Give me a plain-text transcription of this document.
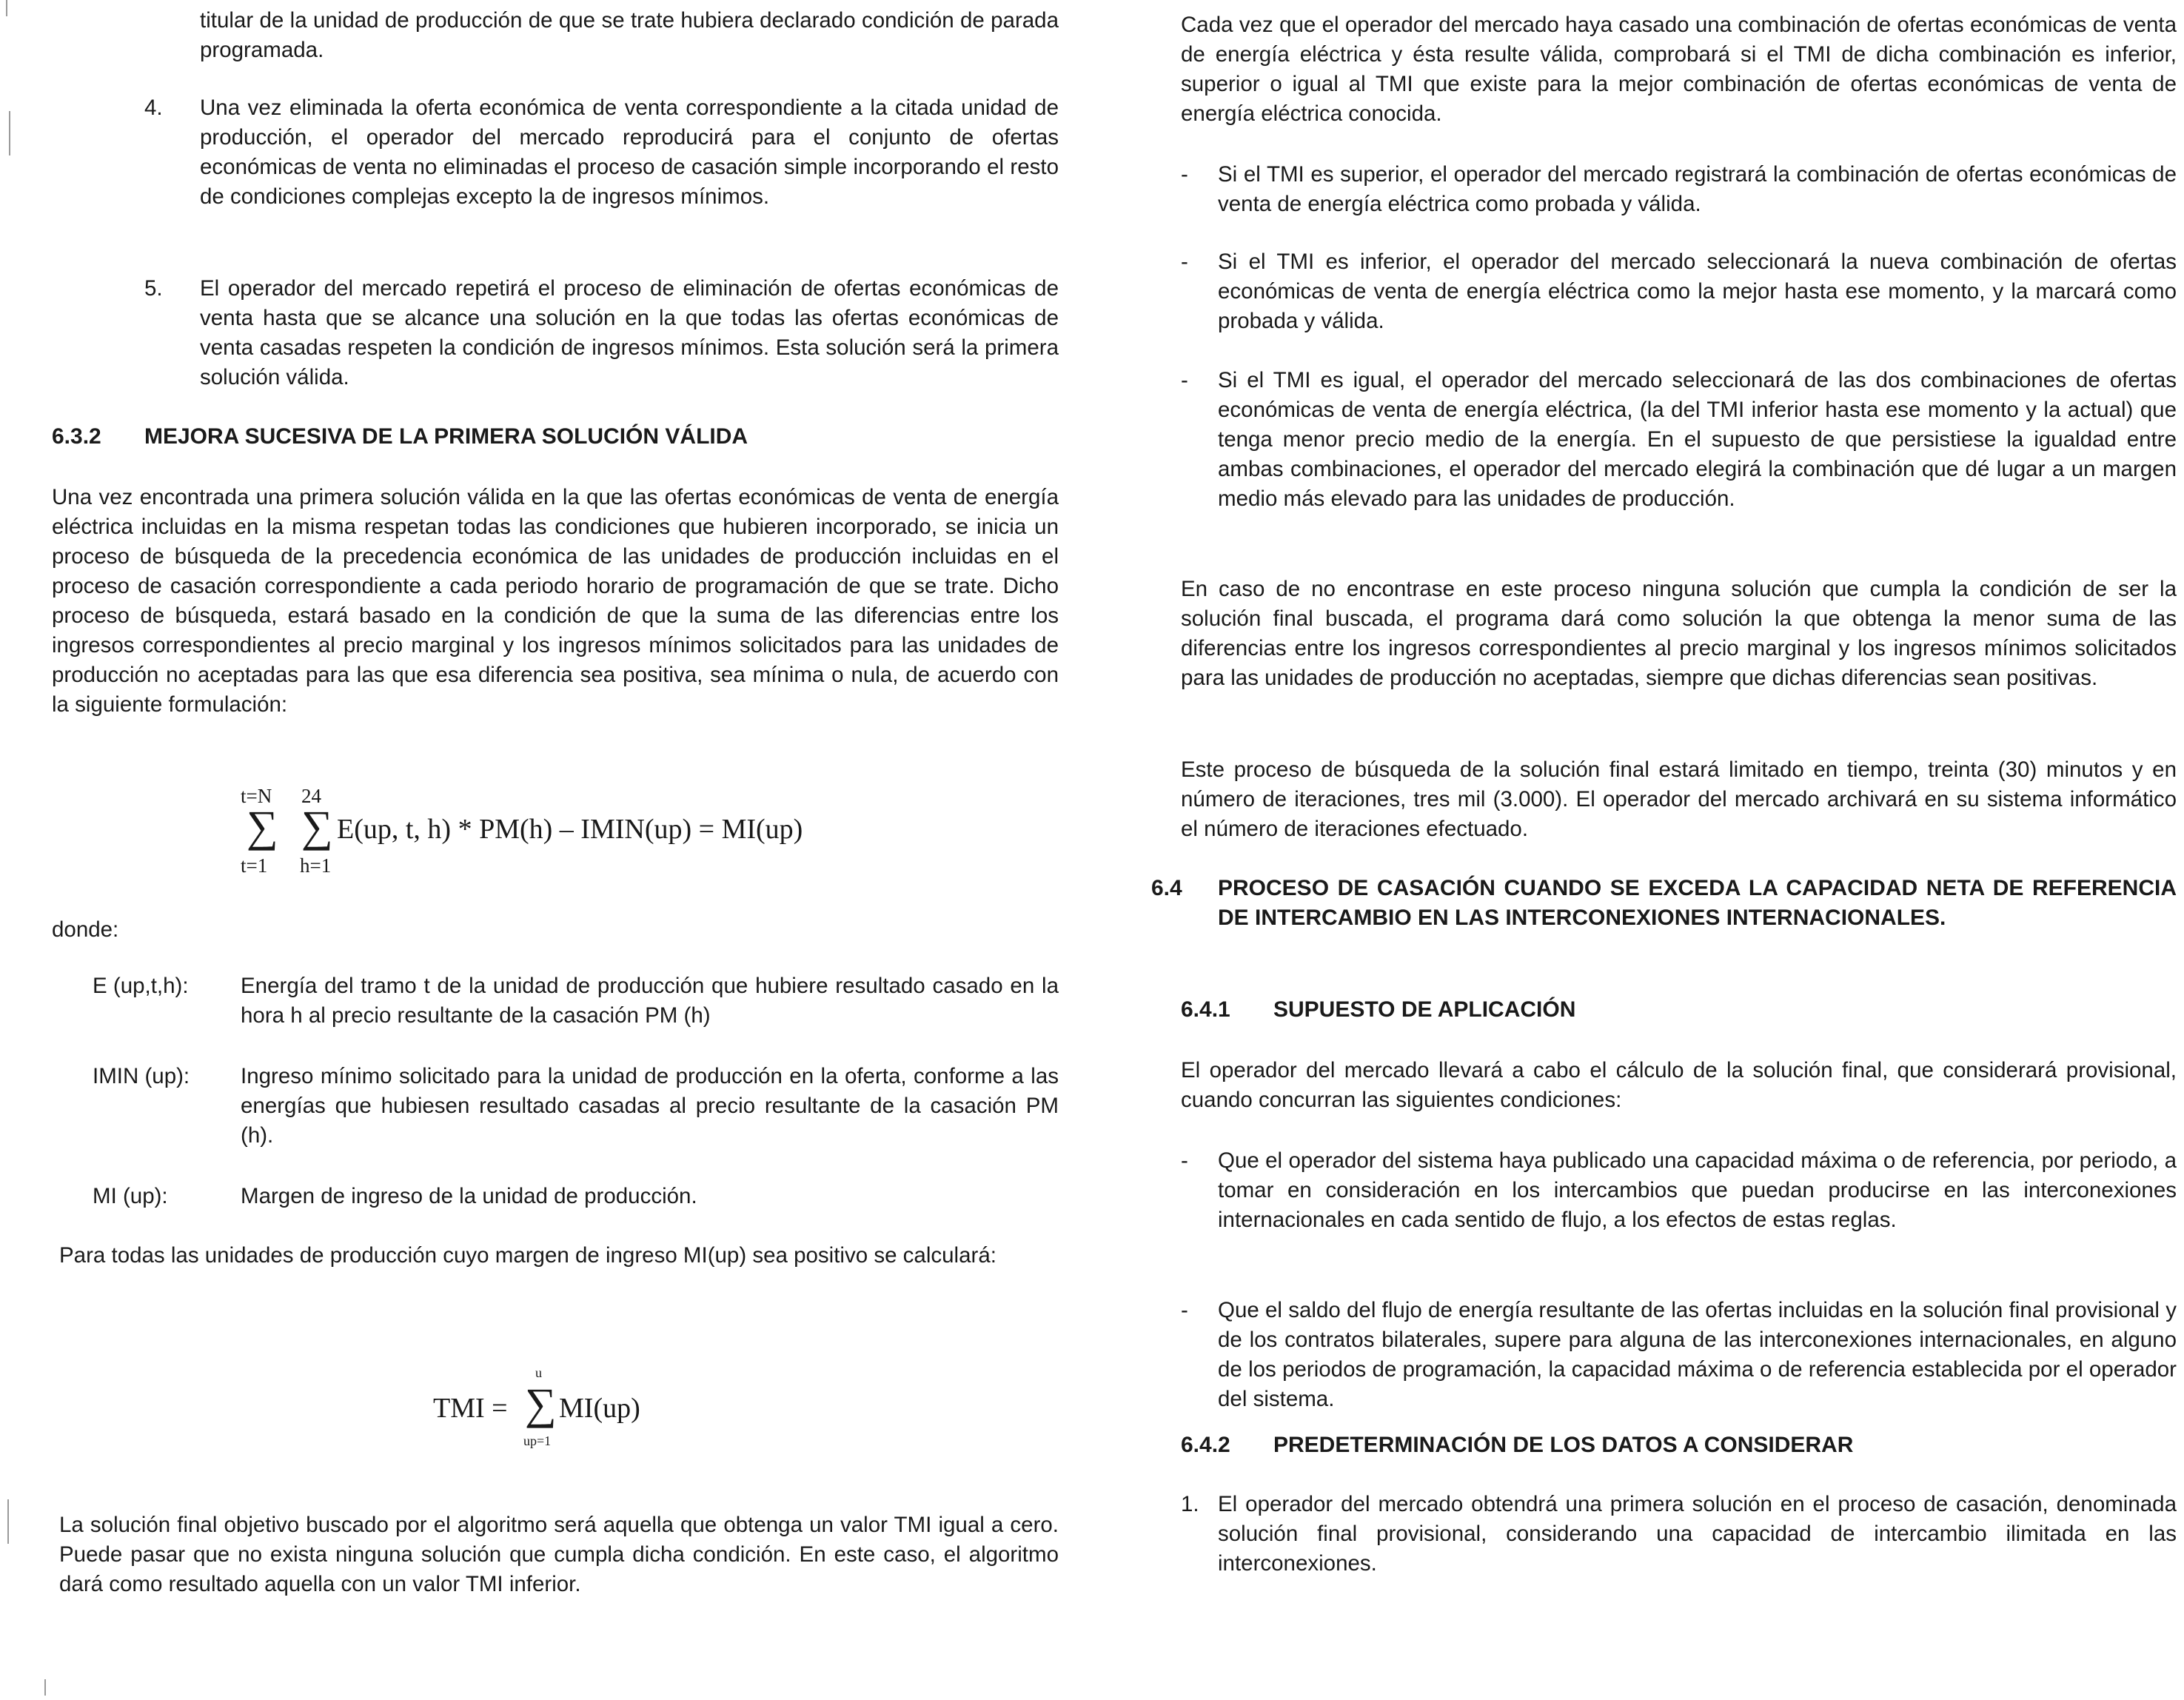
titular de la unidad de producción de que se trate hubiera declarado condición de parada programada.

4.	Una vez eliminada la oferta económica de venta correspondiente a la citada unidad de producción, el operador del mercado reproducirá para el conjunto de ofertas económicas de venta no eliminadas el proceso de casación simple incorporando el resto de condiciones complejas excepto la de ingresos mínimos.

5.	El operador del mercado repetirá el proceso de eliminación de ofertas económicas de venta hasta que se alcance una solución en la que todas las ofertas económicas de venta casadas respeten la condición de ingresos mínimos. Esta solución será la primera solución válida.

6.3.2 MEJORA SUCESIVA DE LA PRIMERA SOLUCIÓN VÁLIDA

Una vez encontrada una primera solución válida en la que las ofertas económicas de venta de energía eléctrica incluidas en la misma respetan todas las condiciones que hubieren incorporado, se inicia un proceso de búsqueda de la precedencia económica de las unidades de producción incluidas en el proceso de casación correspondiente a cada periodo horario de programación de que se trate. Dicho proceso de búsqueda, estará basado en la condición de que la suma de las diferencias entre los ingresos correspondientes al precio marginal y los ingresos mínimos solicitados para las unidades de producción no aceptadas para las que esa diferencia sea positiva, sea mínima o nula, de acuerdo con la siguiente formulación:

t=N
∑
t=1
24
∑
h=1
E(up, t, h) * PM(h) – IMIN(up) = MI(up)

donde:

E (up,t,h): Energía del tramo t de la unidad de producción que hubiere resultado casado en la hora h al precio resultante de la casación PM (h)

IMIN (up): Ingreso mínimo solicitado para la unidad de producción en la oferta, conforme a las energías que hubiesen resultado casadas al precio resultante de la casación PM (h).

MI (up):	Margen de ingreso de la unidad de producción.

Para todas las unidades de producción cuyo margen de ingreso MI(up) sea positivo se calculará:

TMI =
u
∑
up=1
MI(up)

La solución final objetivo buscado por el algoritmo será aquella que obtenga un valor TMI igual a cero. Puede pasar que no exista ninguna solución que cumpla dicha condición. En este caso, el algoritmo dará como resultado aquella con un valor TMI inferior.

Cada vez que el operador del mercado haya casado una combinación de ofertas económicas de venta de energía eléctrica y ésta resulte válida, comprobará si el TMI de dicha combinación es inferior, superior o igual al TMI que existe para la mejor combinación de ofertas económicas de venta de energía eléctrica conocida.

- Si el TMI es superior, el operador del mercado registrará la combinación de ofertas económicas de venta de energía eléctrica como probada y válida.

- Si el TMI es inferior, el operador del mercado seleccionará la nueva combinación de ofertas económicas de venta de energía eléctrica como la mejor hasta ese momento, y la marcará como probada y válida.

- Si el TMI es igual, el operador del mercado seleccionará de las dos combinaciones de ofertas económicas de venta de energía eléctrica, (la del TMI inferior hasta ese momento y la actual) que tenga menor precio medio de la energía. En el supuesto de que persistiese la igualdad entre ambas combinaciones, el operador del mercado elegirá la combinación que dé lugar a un margen medio más elevado para las unidades de producción.

En caso de no encontrase en este proceso ninguna solución que cumpla la condición de ser la solución final buscada, el programa dará como solución la que obtenga la menor suma de las diferencias entre los ingresos correspondientes al precio marginal y los ingresos mínimos solicitados para las unidades de producción no aceptadas, siempre que dichas diferencias sean positivas.

Este proceso de búsqueda de la solución final estará limitado en tiempo, treinta (30) minutos y en número de iteraciones, tres mil (3.000). El operador del mercado archivará en su sistema informático el número de iteraciones efectuado.

6.4 PROCESO DE CASACIÓN CUANDO SE EXCEDA LA CAPACIDAD NETA DE REFERENCIA DE INTERCAMBIO EN LAS INTERCONEXIONES INTERNACIONALES.
6.4.1 SUPUESTO DE APLICACIÓN

El operador del mercado llevará a cabo el cálculo de la solución final, que considerará provisional, cuando concurran las siguientes condiciones:

- Que el operador del sistema haya publicado una capacidad máxima o de referencia, por periodo, a tomar en consideración en los intercambios que puedan producirse en las interconexiones internacionales en cada sentido de flujo, a los efectos de estas reglas.

- Que el saldo del flujo de energía resultante de las ofertas incluidas en la solución final provisional y de los contratos bilaterales, supere para alguna de las interconexiones internacionales, en alguno de los periodos de programación, la capacidad máxima o de referencia establecida por el operador del sistema.

6.4.2 PREDETERMINACIÓN DE LOS DATOS A CONSIDERAR
1. El operador del mercado obtendrá una primera solución en el proceso de casación, denominada solución final provisional, considerando una capacidad de intercambio ilimitada en las interconexiones.
